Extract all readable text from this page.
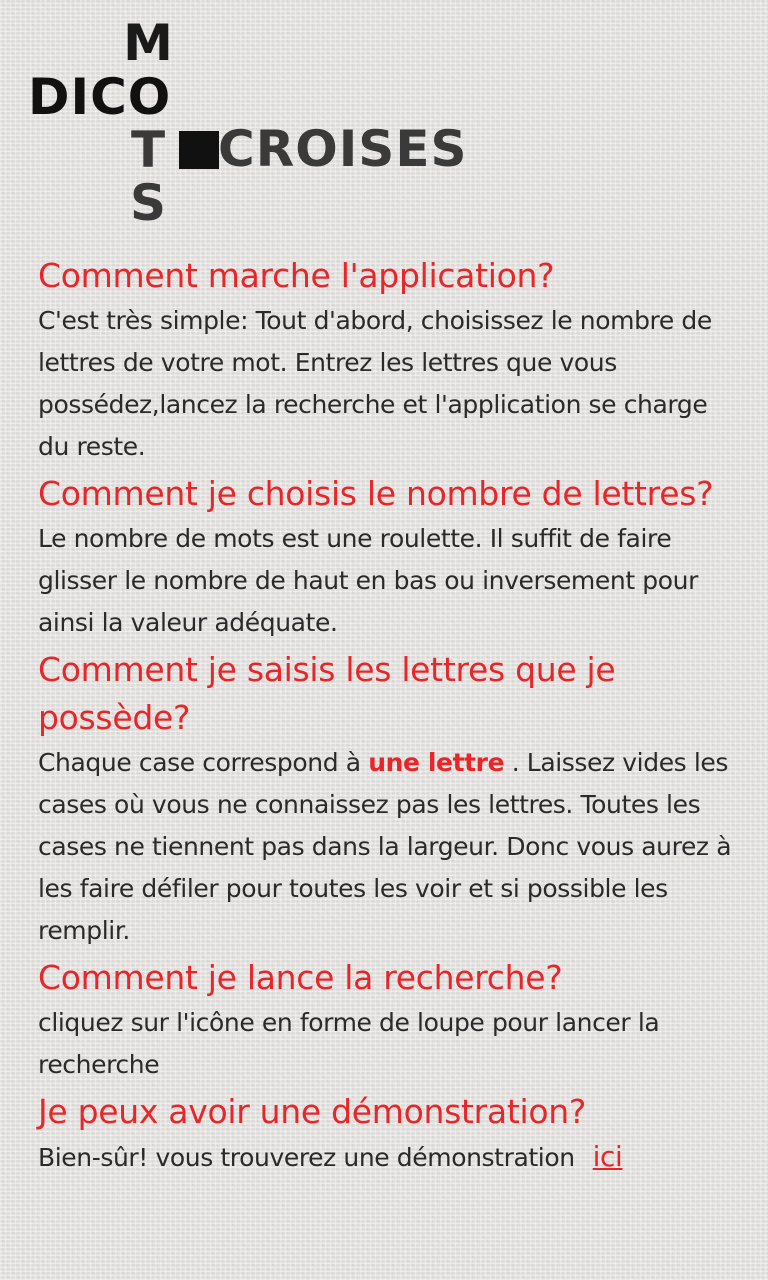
DICO
M
T
S
CROISES
Comment marche l'application?

C'est très simple: Tout d'abord, choisissez le nombre de lettres de votre mot. Entrez les lettres que vous possédez,lancez la recherche et l'application se charge du reste.

Comment je choisis le nombre de lettres?

Le nombre de mots est une roulette. Il suffit de faire glisser le nombre de haut en bas ou inversement pour ainsi la valeur adéquate.

Comment je saisis les lettres que je possède?

Chaque case correspond à une lettre . Laissez vides les cases où vous ne connaissez pas les lettres. Toutes les cases ne tiennent pas dans la largeur. Donc vous aurez à les faire défiler pour toutes les voir et si possible les remplir.

Comment je lance la recherche?

cliquez sur l'icône en forme de loupe pour lancer la recherche

Je peux avoir une démonstration?

Bien-sûr! vous trouverez une démonstration ici
